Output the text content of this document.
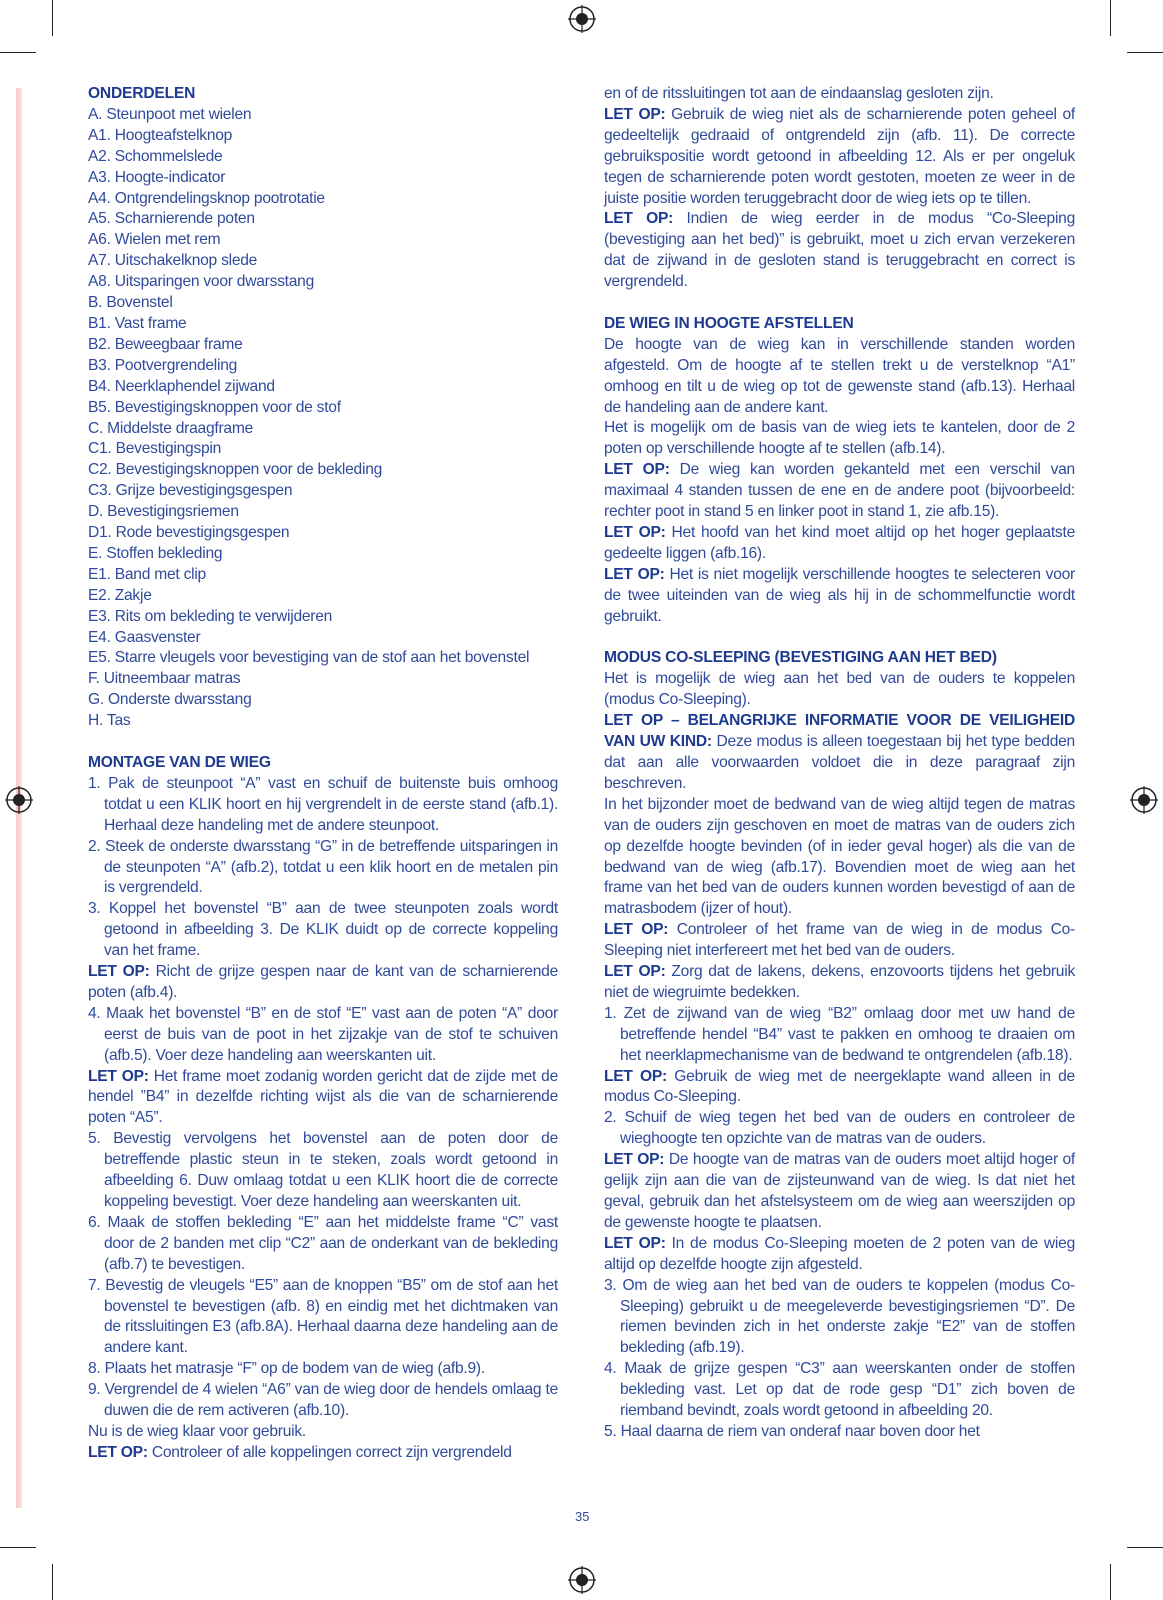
ONDERDELEN
A. Steunpoot met wielen
A1. Hoogteafstelknop
A2. Schommelslede
A3. Hoogte-indicator
A4. Ontgrendelingsknop pootrotatie
A5. Scharnierende poten
A6. Wielen met rem
A7. Uitschakelknop slede
A8. Uitsparingen voor dwarsstang
B. Bovenstel
B1. Vast frame
B2. Beweegbaar frame
B3. Pootvergrendeling
B4. Neerklaphendel zijwand
B5. Bevestigingsknoppen voor de stof
C. Middelste draagframe
C1. Bevestigingspin
C2. Bevestigingsknoppen voor de bekleding
C3. Grijze bevestigingsgespen
D. Bevestigingsriemen
D1. Rode bevestigingsgespen
E. Stoffen bekleding
E1. Band met clip
E2. Zakje
E3. Rits om bekleding te verwijderen
E4. Gaasvenster
E5. Starre vleugels voor bevestiging van de stof aan het bovenstel
F. Uitneembaar matras
G. Onderste dwarsstang
H. Tas
MONTAGE VAN DE WIEG
1. Pak de steunpoot “A” vast en schuif de buitenste buis omhoog totdat u een KLIK hoort en hij vergrendelt in de eerste stand (afb.1). Herhaal deze handeling met de andere steunpoot.
2. Steek de onderste dwarsstang “G” in de betreffende uitsparingen in de steunpoten “A” (afb.2), totdat u een klik hoort en de metalen pin is vergrendeld.
3. Koppel het bovenstel “B” aan de twee steunpoten zoals wordt getoond in afbeelding 3. De KLIK duidt op de correcte koppeling van het frame.
LET OP: Richt de grijze gespen naar de kant van de scharnierende poten (afb.4).
4. Maak het bovenstel “B” en de stof “E” vast aan de poten “A” door eerst de buis van de poot in het zijzakje van de stof te schuiven (afb.5). Voer deze handeling aan weerskanten uit.
LET OP: Het frame moet zodanig worden gericht dat de zijde met de hendel ”B4” in dezelfde richting wijst als die van de scharnierende poten “A5”.
5. Bevestig vervolgens het bovenstel aan de poten door de betreffende plastic steun in te steken, zoals wordt getoond in afbeelding 6. Duw omlaag totdat u een KLIK hoort die de correcte koppeling bevestigt. Voer deze handeling aan weerskanten uit.
6. Maak de stoffen bekleding “E” aan het middelste frame “C” vast door de 2 banden met clip “C2” aan de onderkant van de bekleding (afb.7) te bevestigen.
7. Bevestig de vleugels “E5” aan de knoppen “B5” om de stof aan het bovenstel te bevestigen (afb. 8) en eindig met het dichtmaken van de ritssluitingen E3 (afb.8A). Herhaal daarna deze handeling aan de andere kant.
8. Plaats het matrasje “F” op de bodem van de wieg (afb.9).
9. Vergrendel de 4 wielen “A6” van de wieg door de hendels omlaag te duwen die de rem activeren (afb.10).
Nu is de wieg klaar voor gebruik.
LET OP: Controleer of alle koppelingen correct zijn vergrendeld
en of de ritssluitingen tot aan de eindaanslag gesloten zijn.
LET OP: Gebruik de wieg niet als de scharnierende poten geheel of gedeeltelijk gedraaid of ontgrendeld zijn (afb. 11). De correcte gebruikspositie wordt getoond in afbeelding 12. Als er per ongeluk tegen de scharnierende poten wordt gestoten, moeten ze weer in de juiste positie worden teruggebracht door de wieg iets op te tillen.
LET OP: Indien de wieg eerder in de modus “Co-Sleeping (bevestiging aan het bed)” is gebruikt, moet u zich ervan verzekeren dat de zijwand in de gesloten stand is teruggebracht en correct is vergrendeld.
DE WIEG IN HOOGTE AFSTELLEN
De hoogte van de wieg kan in verschillende standen worden afgesteld. Om de hoogte af te stellen trekt u de verstelknop “A1” omhoog en tilt u de wieg op tot de gewenste stand (afb.13). Herhaal de handeling aan de andere kant.
Het is mogelijk om de basis van de wieg iets te kantelen, door de 2 poten op verschillende hoogte af te stellen (afb.14).
LET OP: De wieg kan worden gekanteld met een verschil van maximaal 4 standen tussen de ene en de andere poot (bijvoorbeeld: rechter poot in stand 5 en linker poot in stand 1, zie afb.15).
LET OP: Het hoofd van het kind moet altijd op het hoger geplaatste gedeelte liggen (afb.16).
LET OP: Het is niet mogelijk verschillende hoogtes te selecteren voor de twee uiteinden van de wieg als hij in de schommelfunctie wordt gebruikt.
MODUS CO-SLEEPING (BEVESTIGING AAN HET BED)
Het is mogelijk de wieg aan het bed van de ouders te koppelen (modus Co-Sleeping).
LET OP – BELANGRIJKE INFORMATIE VOOR DE VEILIGHEID VAN UW KIND: Deze modus is alleen toegestaan bij het type bedden dat aan alle voorwaarden voldoet die in deze paragraaf zijn beschreven.
In het bijzonder moet de bedwand van de wieg altijd tegen de matras van de ouders zijn geschoven en moet de matras van de ouders zich op dezelfde hoogte bevinden (of in ieder geval hoger) als die van de bedwand van de wieg (afb.17). Bovendien moet de wieg aan het frame van het bed van de ouders kunnen worden bevestigd of aan de matrasbodem (ijzer of hout).
LET OP: Controleer of het frame van de wieg in de modus Co-Sleeping niet interfereert met het bed van de ouders.
LET OP: Zorg dat de lakens, dekens, enzovoorts tijdens het gebruik niet de wiegruimte bedekken.
1. Zet de zijwand van de wieg “B2” omlaag door met uw hand de betreffende hendel “B4” vast te pakken en omhoog te draaien om het neerklapmechanisme van de bedwand te ontgrendelen (afb.18).
LET OP: Gebruik de wieg met de neergeklapte wand alleen in de modus Co-Sleeping.
2. Schuif de wieg tegen het bed van de ouders en controleer de wieghoogte ten opzichte van de matras van de ouders.
LET OP: De hoogte van de matras van de ouders moet altijd hoger of gelijk zijn aan die van de zijsteunwand van de wieg. Is dat niet het geval, gebruik dan het afstelsysteem om de wieg aan weerszijden op de gewenste hoogte te plaatsen.
LET OP: In de modus Co-Sleeping moeten de 2 poten van de wieg altijd op dezelfde hoogte zijn afgesteld.
3. Om de wieg aan het bed van de ouders te koppelen (modus Co-Sleeping) gebruikt u de meegeleverde bevestigingsriemen “D”. De riemen bevinden zich in het onderste zakje “E2” van de stoffen bekleding (afb.19).
4. Maak de grijze gespen “C3” aan weerskanten onder de stoffen bekleding vast. Let op dat de rode gesp “D1” zich boven de riemband bevindt, zoals wordt getoond in afbeelding 20.
5. Haal daarna de riem van onderaf naar boven door het
35
